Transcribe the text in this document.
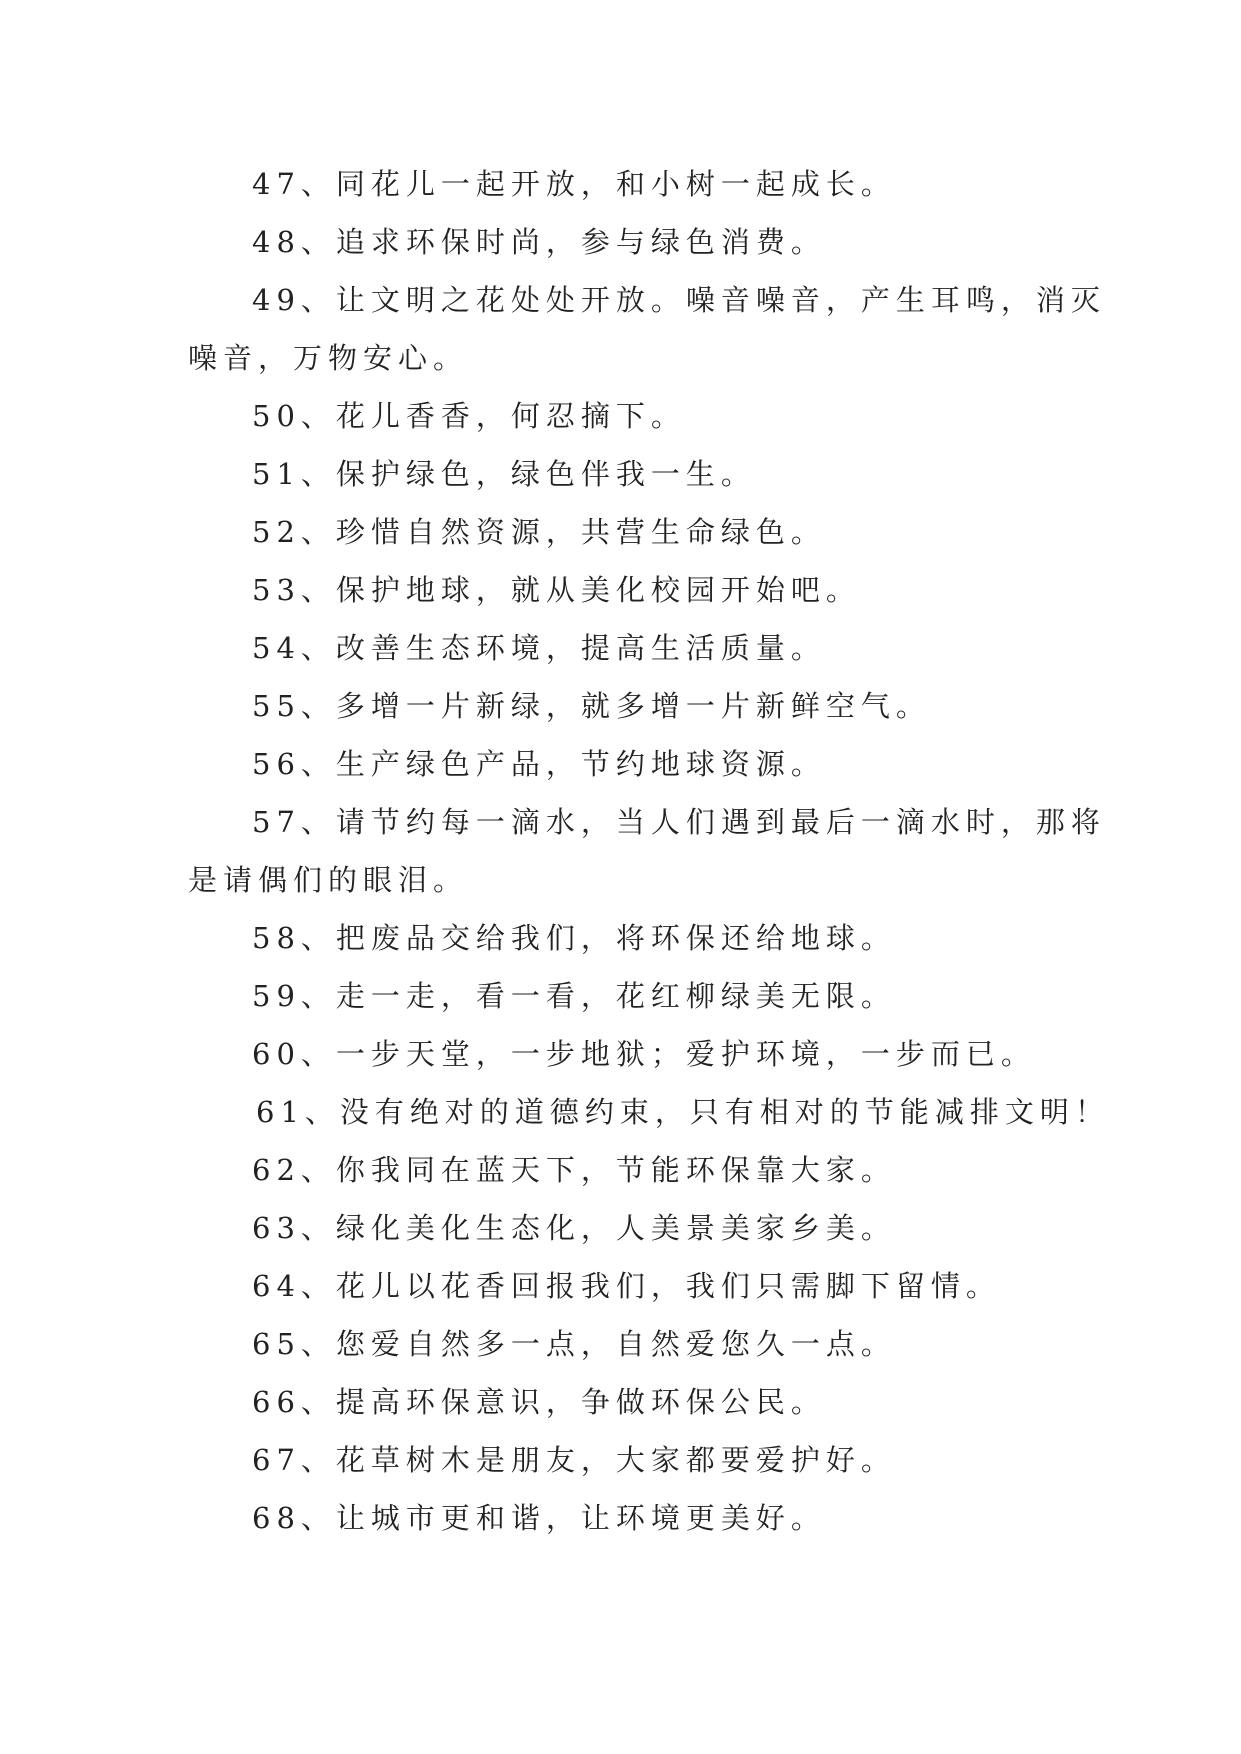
47、同花儿一起开放，和小树一起成长。
48、追求环保时尚，参与绿色消费。
49、让文明之花处处开放。噪音噪音，产生耳鸣，消灭
噪音，万物安心。
50、花儿香香，何忍摘下。
51、保护绿色，绿色伴我一生。
52、珍惜自然资源，共营生命绿色。
53、保护地球，就从美化校园开始吧。
54、改善生态环境，提高生活质量。
55、多增一片新绿，就多增一片新鲜空气。
56、生产绿色产品，节约地球资源。
57、请节约每一滴水，当人们遇到最后一滴水时，那将
是请偶们的眼泪。
58、把废品交给我们，将环保还给地球。
59、走一走，看一看，花红柳绿美无限。
60、一步天堂，一步地狱；爱护环境，一步而已。
61、没有绝对的道德约束，只有相对的节能减排文明！
62、你我同在蓝天下，节能环保靠大家。
63、绿化美化生态化，人美景美家乡美。
64、花儿以花香回报我们，我们只需脚下留情。
65、您爱自然多一点，自然爱您久一点。
66、提高环保意识，争做环保公民。
67、花草树木是朋友，大家都要爱护好。
68、让城市更和谐，让环境更美好。
